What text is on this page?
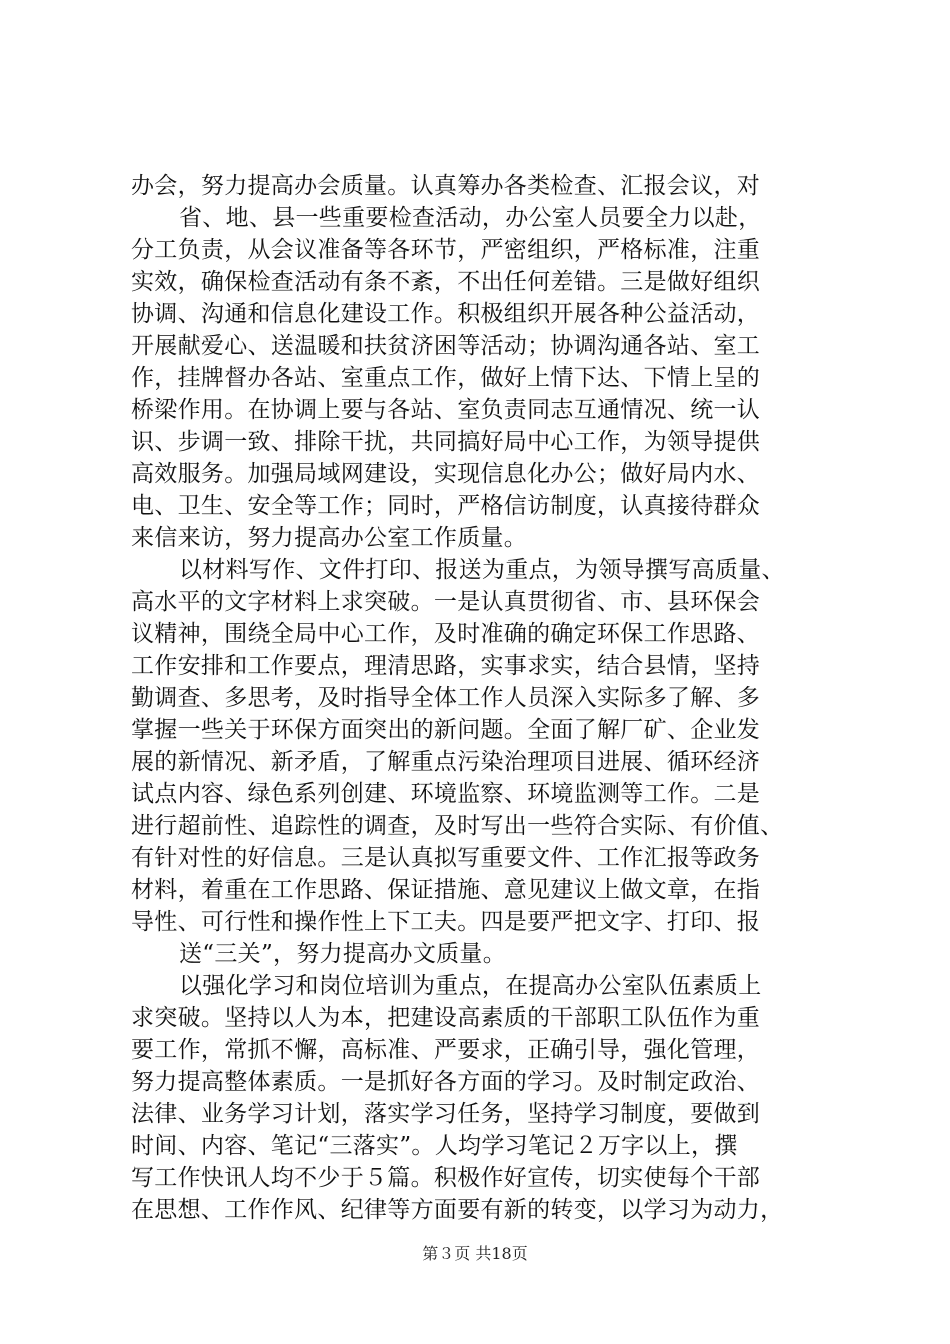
办会，努力提高办会质量。认真筹办各类检查、汇报会议，对
省、地、县一些重要检查活动，办公室人员要全力以赴，
分工负责，从会议准备等各环节，严密组织，严格标准，注重
实效，确保检查活动有条不紊，不出任何差错。三是做好组织
协调、沟通和信息化建设工作。积极组织开展各种公益活动，
开展献爱心、送温暖和扶贫济困等活动；协调沟通各站、室工
作，挂牌督办各站、室重点工作，做好上情下达、下情上呈的
桥梁作用。在协调上要与各站、室负责同志互通情况、统一认
识、步调一致、排除干扰，共同搞好局中心工作，为领导提供
高效服务。加强局域网建设，实现信息化办公；做好局内水、
电、卫生、安全等工作；同时，严格信访制度，认真接待群众
来信来访，努力提高办公室工作质量。
以材料写作、文件打印、报送为重点，为领导撰写高质量、
高水平的文字材料上求突破。一是认真贯彻省、市、县环保会
议精神，围绕全局中心工作，及时准确的确定环保工作思路、
工作安排和工作要点，理清思路，实事求实，结合县情，坚持
勤调查、多思考，及时指导全体工作人员深入实际多了解、多
掌握一些关于环保方面突出的新问题。全面了解厂矿、企业发
展的新情况、新矛盾，了解重点污染治理项目进展、循环经济
试点内容、绿色系列创建、环境监察、环境监测等工作。二是
进行超前性、追踪性的调查，及时写出一些符合实际、有价值、
有针对性的好信息。三是认真拟写重要文件、工作汇报等政务
材料，着重在工作思路、保证措施、意见建议上做文章，在指
导性、可行性和操作性上下工夫。四是要严把文字、打印、报
送“三关”，努力提高办文质量。
以强化学习和岗位培训为重点，在提高办公室队伍素质上
求突破。坚持以人为本，把建设高素质的干部职工队伍作为重
要工作，常抓不懈，高标准、严要求，正确引导，强化管理，
努力提高整体素质。一是抓好各方面的学习。及时制定政治、
法律、业务学习计划，落实学习任务，坚持学习制度，要做到
时间、内容、笔记“三落实”。人均学习笔记２万字以上，撰
写工作快讯人均不少于５篇。积极作好宣传，切实使每个干部
在思想、工作作风、纪律等方面要有新的转变，以学习为动力，
第３页 共18页
